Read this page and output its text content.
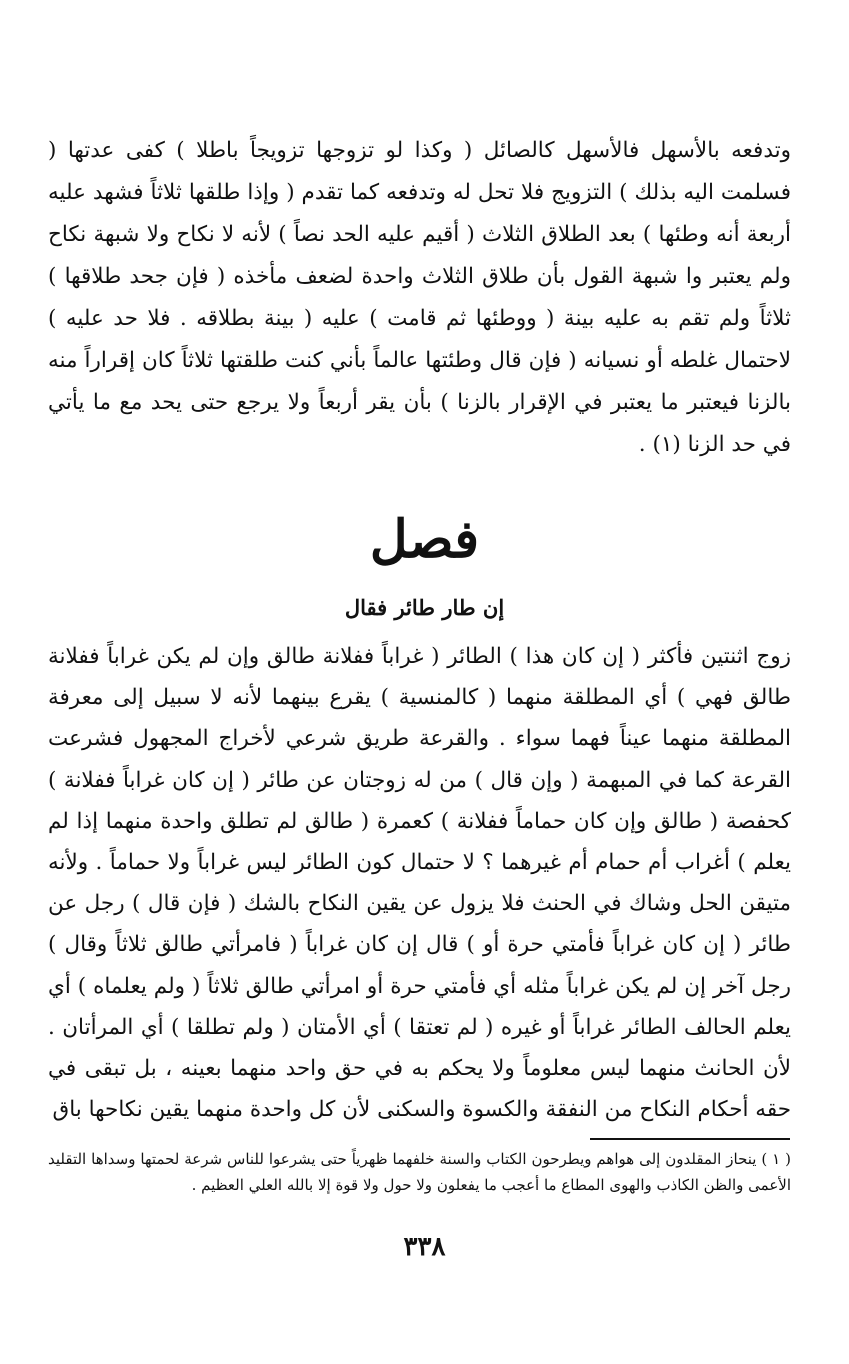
وتدفعه بالأسهل فالأسهل كالصائل ( وكذا لو تزوجها تزويجاً باطلا ) كفى عدتها ( فسلمت اليه بذلك ) التزويج فلا تحل له وتدفعه كما تقدم ( وإذا طلقها ثلاثاً فشهد عليه أربعة أنه وطئها ) بعد الطلاق الثلاث ( أقيم عليه الحد نصاً ) لأنه لا نكاح ولا شبهة نكاح ولم يعتبر وا شبهة القول بأن طلاق الثلاث واحدة لضعف مأخذه ( فإن جحد طلاقها ) ثلاثاً ولم تقم به عليه بينة ( ووطئها ثم قامت ) عليه ( بينة بطلاقه . فلا حد عليه ) لاحتمال غلطه أو نسيانه ( فإن قال وطئتها عالماً بأني كنت طلقتها ثلاثاً كان إقراراً منه بالزنا فيعتبر ما يعتبر في الإقرار بالزنا ) بأن يقر أربعاً ولا يرجع حتى يحد مع ما يأتي في حد الزنا (١) .

فصل
إن طار طائر فقال

زوج اثنتين فأكثر ( إن كان هذا ) الطائر ( غراباً ففلانة طالق وإن لم يكن غراباً ففلانة طالق فهي ) أي المطلقة منهما ( كالمنسية ) يقرع بينهما لأنه لا سبيل إلى معرفة المطلقة منهما عيناً فهما سواء . والقرعة طريق شرعي لأخراج المجهول فشرعت القرعة كما في المبهمة ( وإن قال ) من له زوجتان عن طائر ( إن كان غراباً ففلانة ) كحفصة ( طالق وإن كان حماماً ففلانة ) كعمرة ( طالق لم تطلق واحدة منهما إذا لم يعلم ) أغراب أم حمام أم غيرهما ؟ لا حتمال كون الطائر ليس غراباً ولا حماماً . ولأنه متيقن الحل وشاك في الحنث فلا يزول عن يقين النكاح بالشك ( فإن قال ) رجل عن طائر ( إن كان غراباً فأمتي حرة أو ) قال إن كان غراباً ( فامرأتي طالق ثلاثاً وقال ) رجل آخر إن لم يكن غراباً مثله أي فأمتي حرة أو امرأتي طالق ثلاثاً ( ولم يعلماه ) أي يعلم الحالف الطائر غراباً أو غيره ( لم تعتقا ) أي الأمتان ( ولم تطلقا ) أي المرأتان . لأن الحانث منهما ليس معلوماً ولا يحكم به في حق واحد منهما بعينه ، بل تبقى في حقه أحكام النكاح من النفقة والكسوة والسكنى لأن كل واحدة منهما يقين نكاحها باق

( ١ ) ينحاز المقلدون إلى هواهم ويطرحون الكتاب والسنة خلفهما ظهرياً حتى يشرعوا للناس شرعة لحمتها وسداها التقليد الأعمى والظن الكاذب والهوى المطاع ما أعجب ما يفعلون ولا حول ولا قوة إلا بالله العلي العظيم .

٣٣٨
